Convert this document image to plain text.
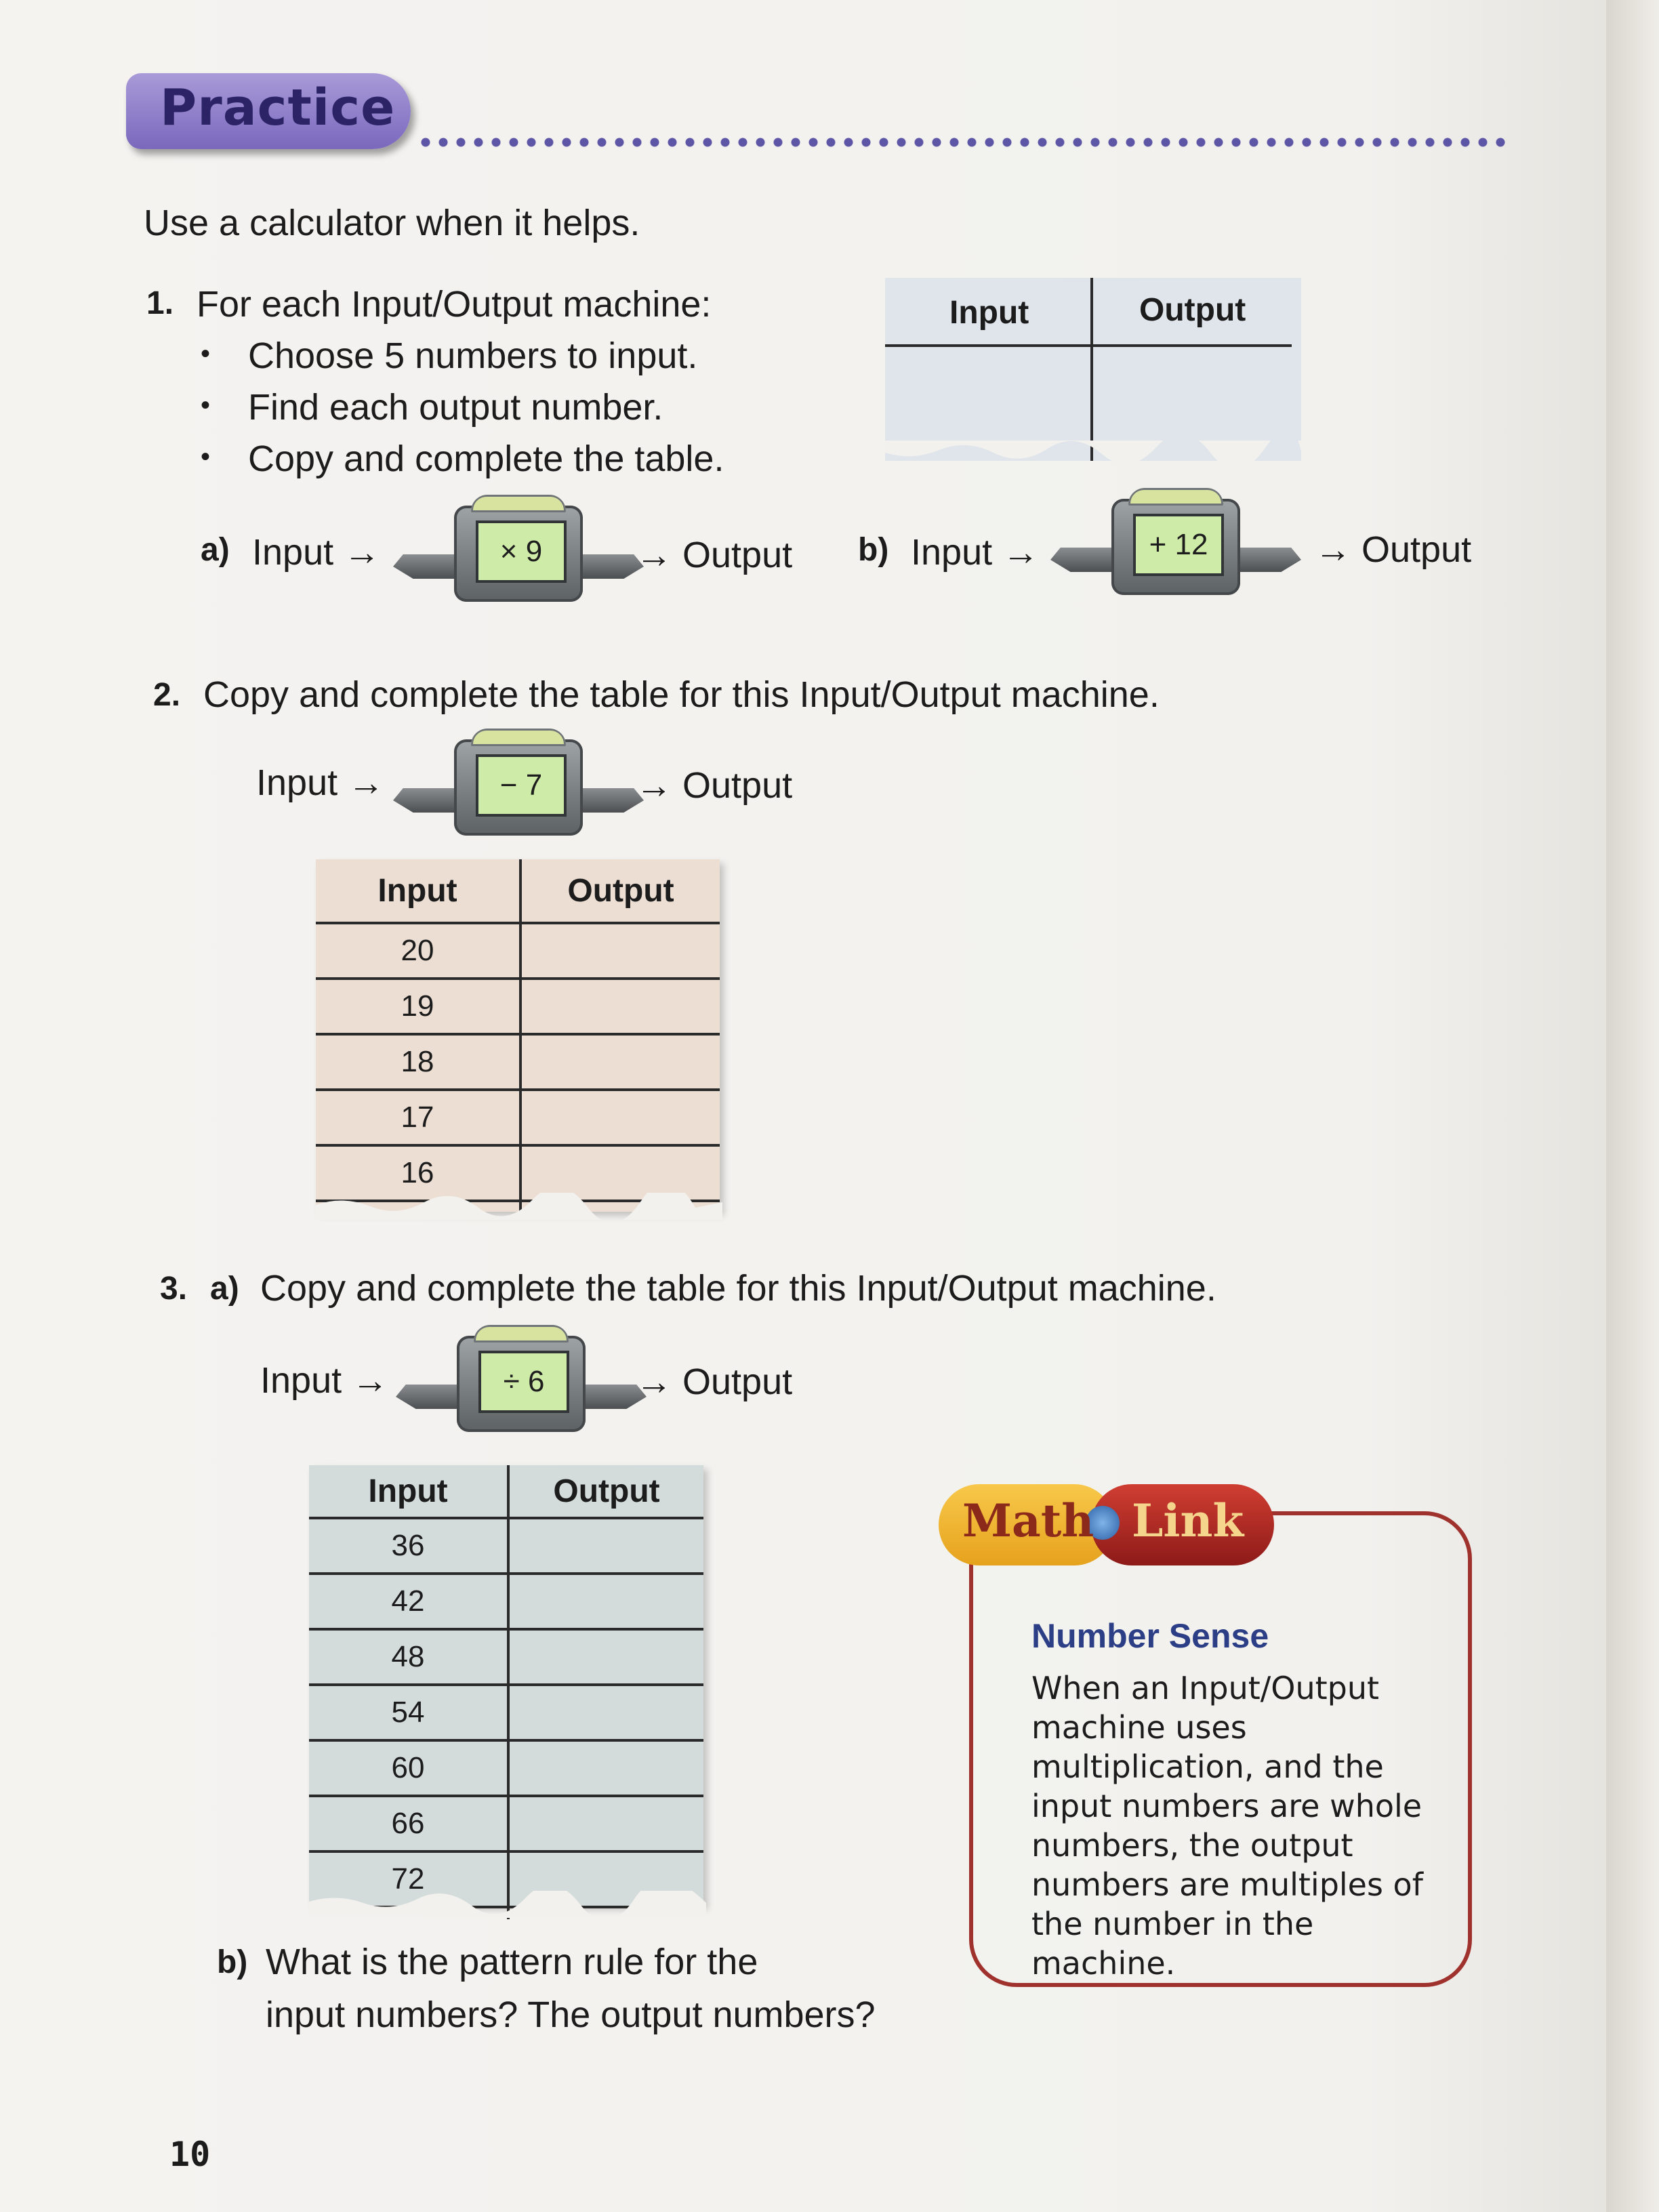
Practice
Use a calculator when it helps.
1. For each Input/Output machine:
• Choose 5 numbers to input.
• Find each output number.
• Copy and complete the table.
Input	Output
a) Input →	× 9	→ Output b) Input →	+ 12	→ Output
2. Copy and complete the table for this Input/Output machine.
Input →	− 7	→ Output
Input	Output
20	
19	
18	
17	
16	

3. a) Copy and complete the table for this Input/Output machine.
Input →	÷ 6	→ Output
Input	Output
36	
42	
48	
54	
60	
66	
72	

b) What is the pattern rule for the
input numbers? The output numbers?
Math Link
Number Sense
When an Input/Output machine uses multiplication, and the input numbers are whole numbers, the output numbers are multiples of the number in the machine.
10
